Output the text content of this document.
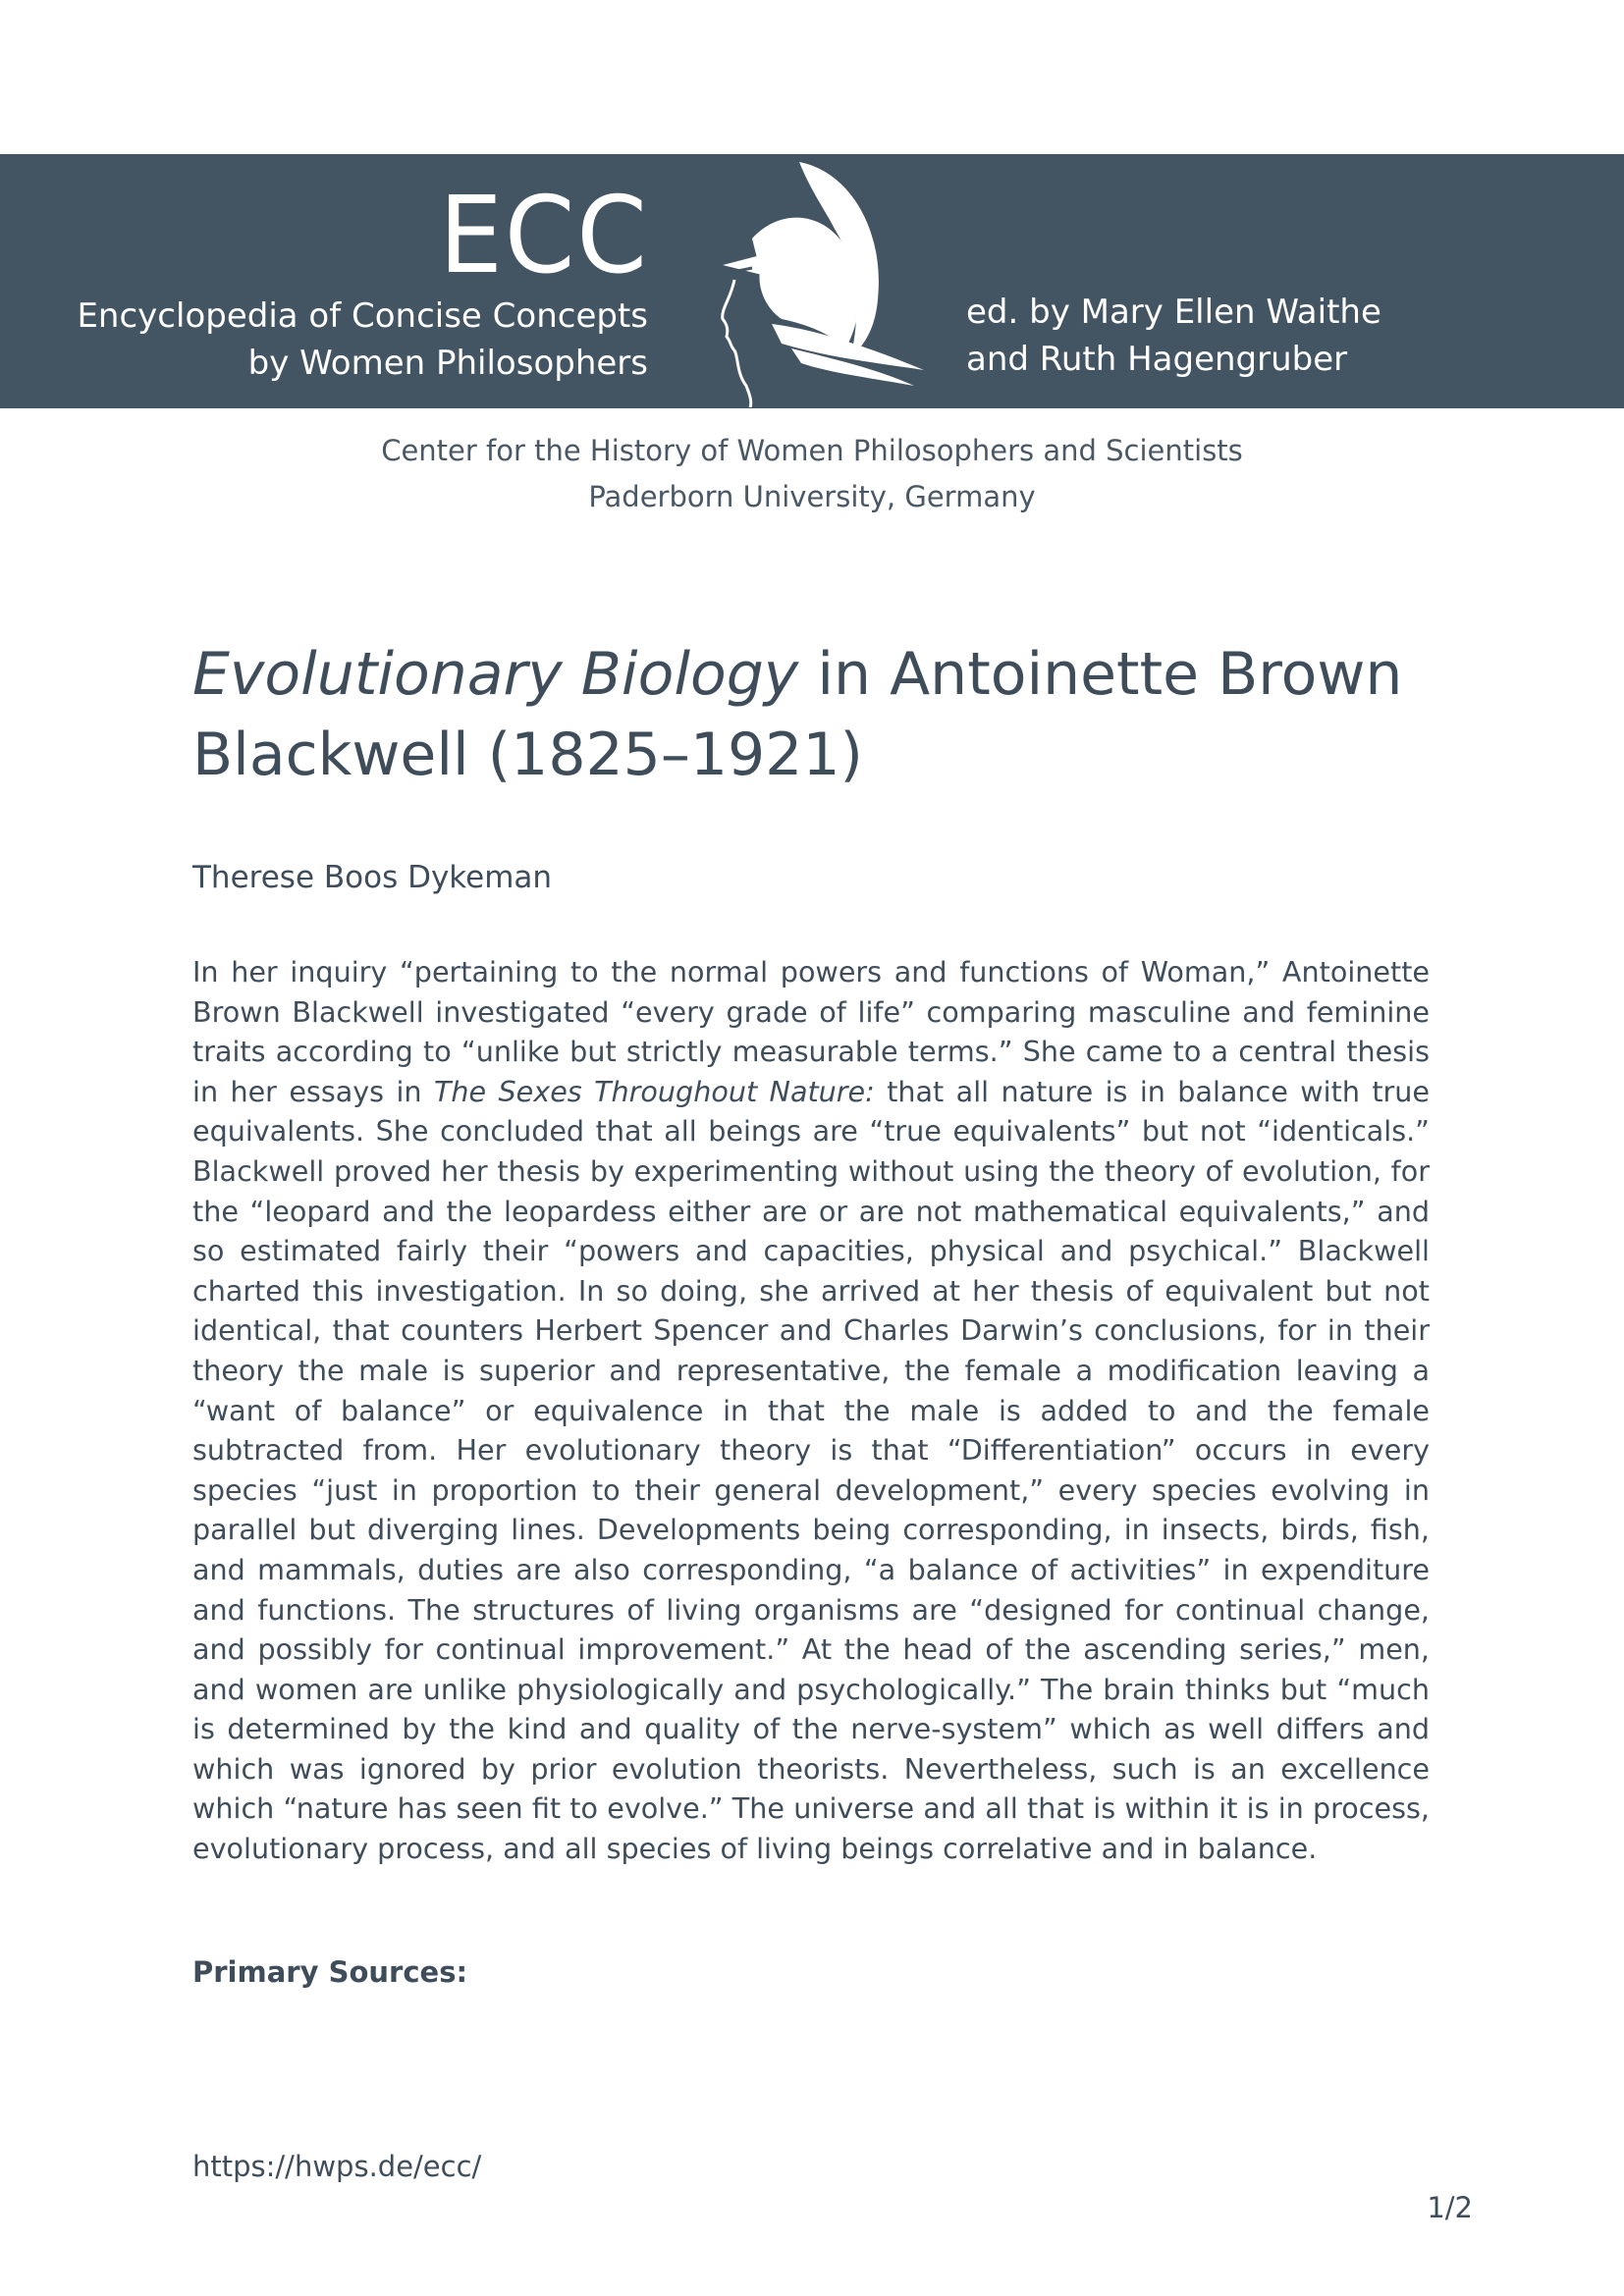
ECC
Encyclopedia of Concise Concepts
by Women Philosophers
ed. by Mary Ellen Waithe
and Ruth Hagengruber
Center for the History of Women Philosophers and Scientists
Paderborn University, Germany
Evolutionary Biology in Antoinette Brown Blackwell (1825–1921)
Therese Boos Dykeman

In her inquiry “pertaining to the normal powers and functions of Woman,” Antoinette Brown Blackwell investigated “every grade of life” comparing masculine and feminine traits according to “unlike but strictly measurable terms.” She came to a central thesis in her essays in The Sexes Throughout Nature: that all nature is in balance with true equivalents. She concluded that all beings are “true equivalents” but not “identicals.” Blackwell proved her thesis by experimenting without using the theory of evolution, for the “leopard and the leopardess either are or are not mathematical equivalents,” and so estimated fairly their “powers and capacities, physical and psychical.” Blackwell charted this investigation. In so doing, she arrived at her thesis of equivalent but not identical, that counters Herbert Spencer and Charles Darwin’s conclusions, for in their theory the male is superior and representative, the female a modification leaving a “want of balance” or equivalence in that the male is added to and the female subtracted from. Her evolutionary theory is that “Differentiation” occurs in every species “just in proportion to their general development,” every species evolving in parallel but diverging lines. Developments being corresponding, in insects, birds, fish, and mammals, duties are also corresponding, “a balance of activities” in expenditure and functions. The structures of living organisms are “designed for continual change, and possibly for continual improvement.” At the head of the ascending series,” men, and women are unlike physiologically and psychologically.” The brain thinks but “much is determined by the kind and quality of the nerve-system” which as well differs and which was ignored by prior evolution theorists. Nevertheless, such is an excellence which “nature has seen fit to evolve.” The universe and all that is within it is in process, evolutionary process, and all species of living beings correlative and in balance.

Primary Sources:
https://hwps.de/ecc/
1/2
